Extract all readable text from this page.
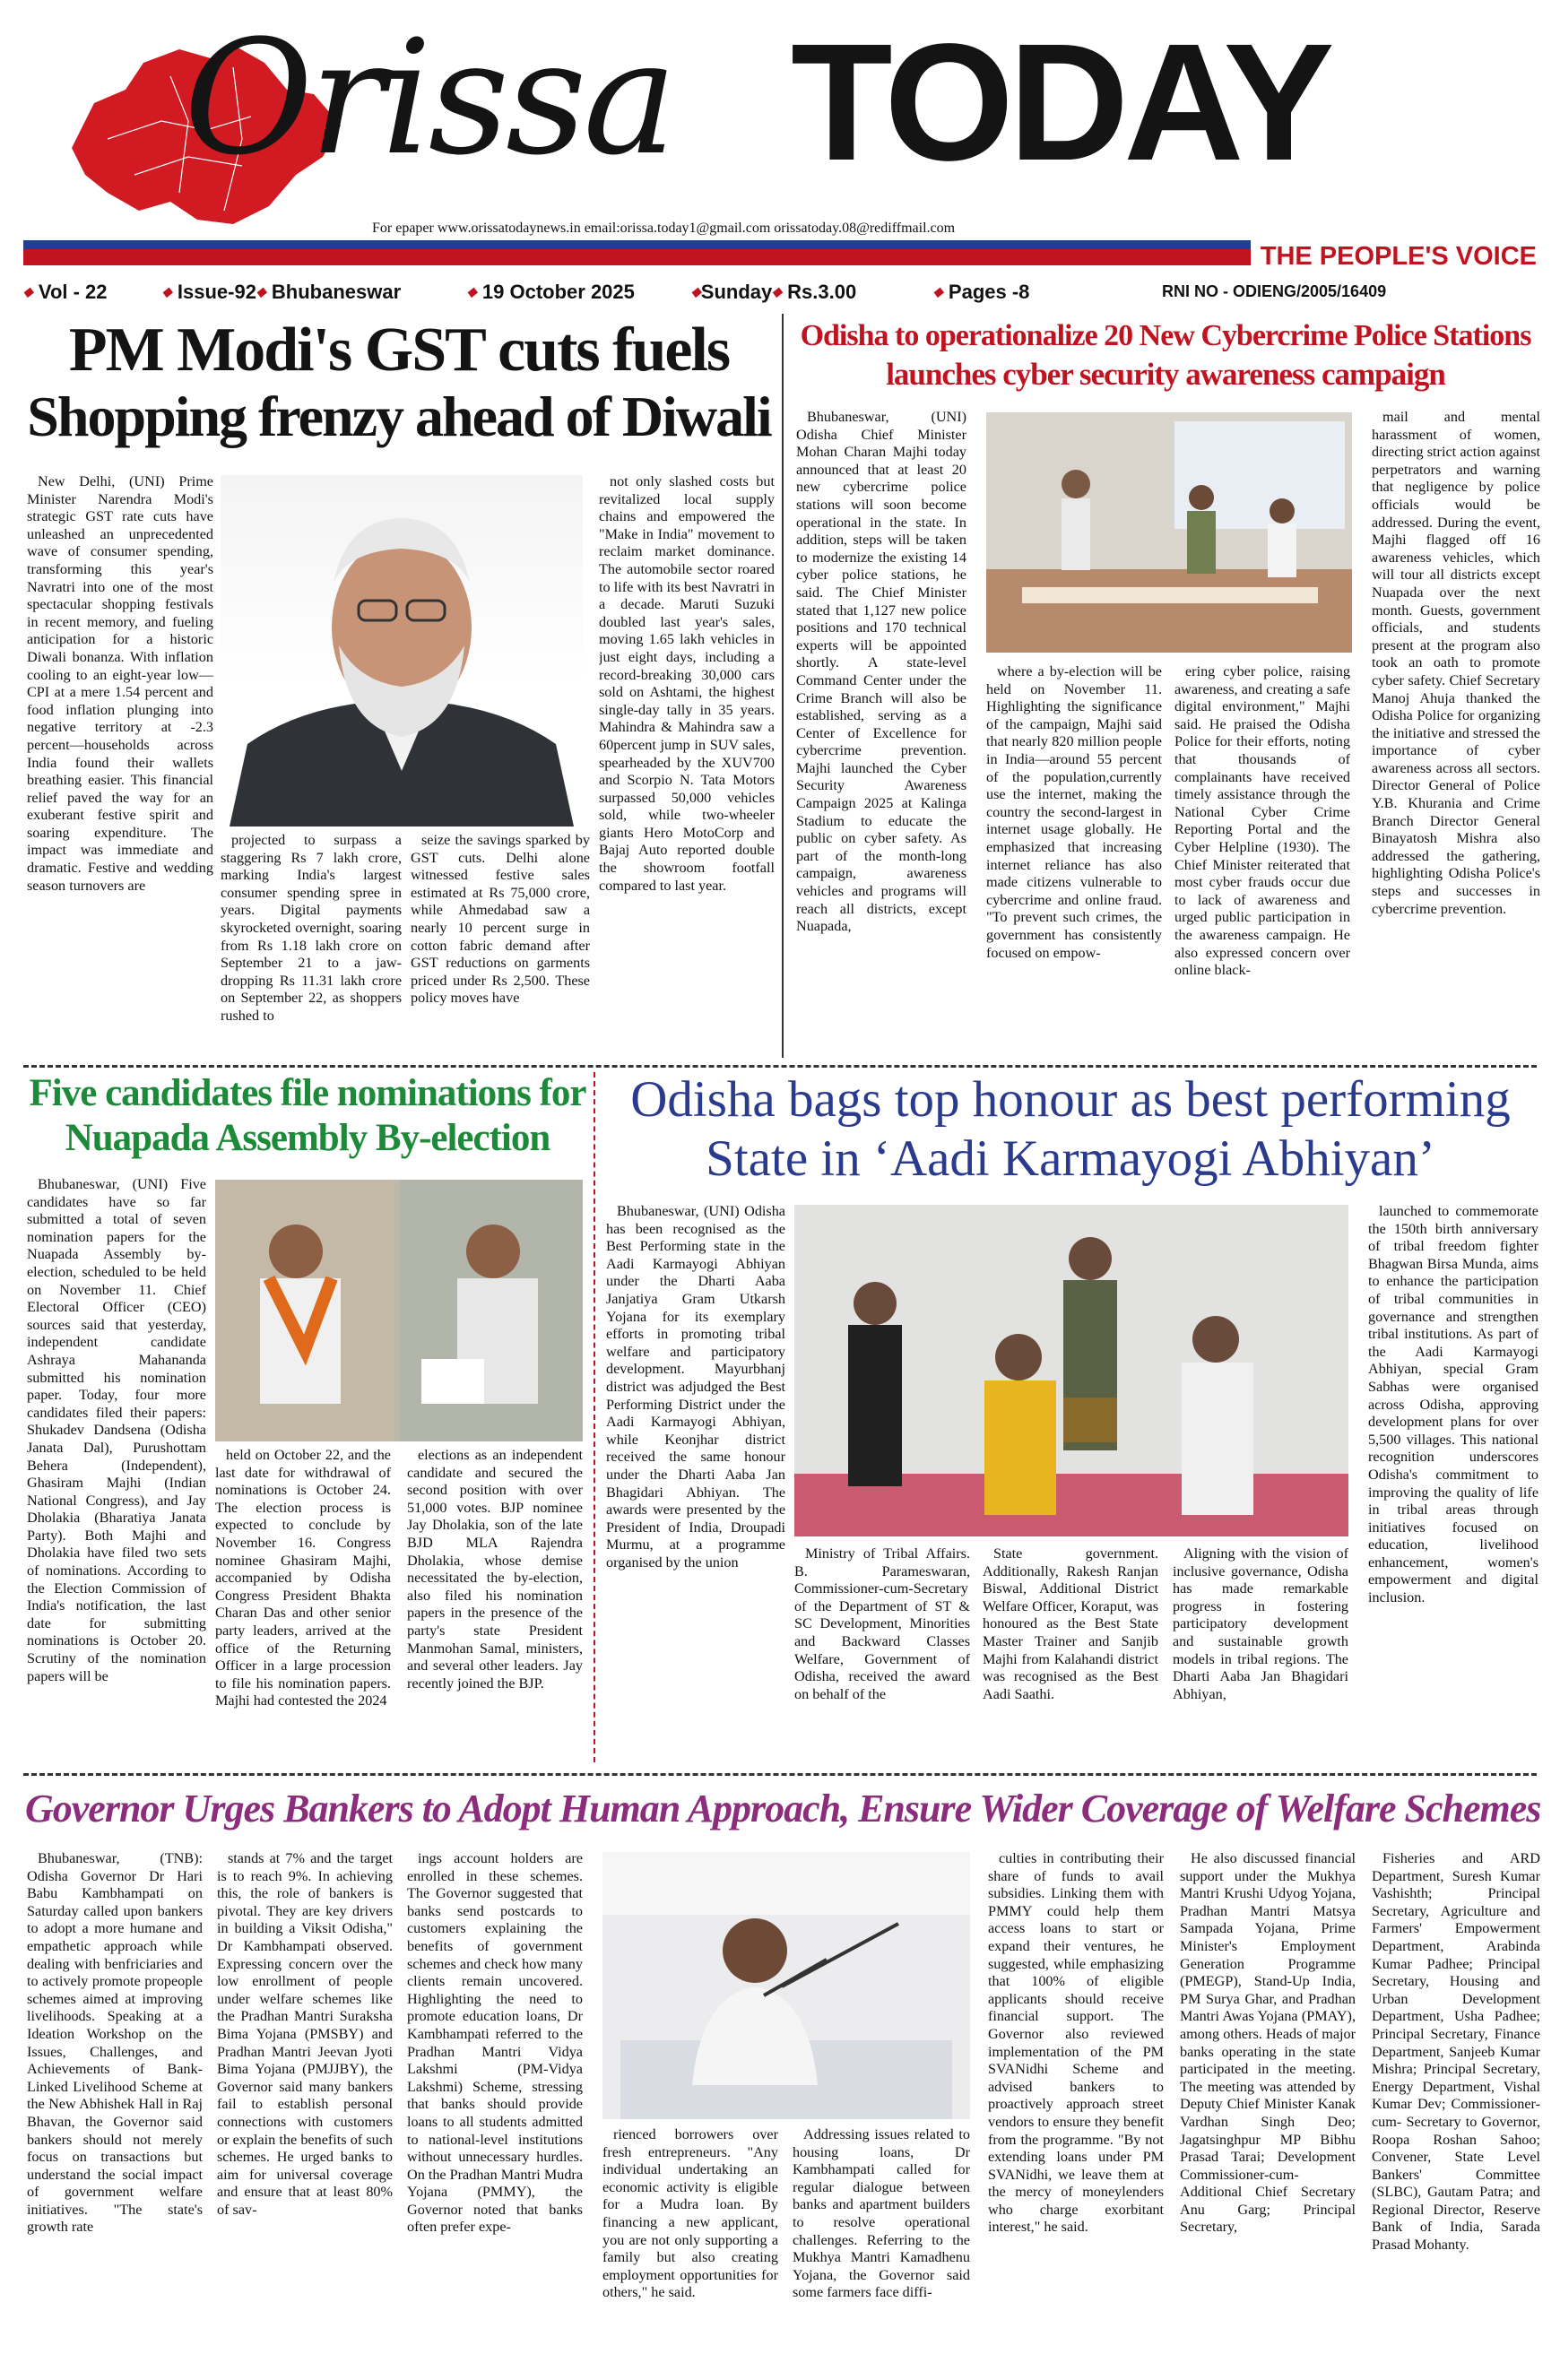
Orissa TODAY
For epaper www.orissatodaynews.in email:orissa.today1@gmail.com orissatoday.08@rediffmail.com
THE PEOPLE'S VOICE
◆ Vol - 22	◆ Issue-92◆ Bhubaneswar	◆ 19 October 2025	◆Sunday◆ Rs.3.00	◆ Pages -8	RNI NO - ODIENG/2005/16409
PM Modi's GST cuts fuels
Shopping frenzy ahead of Diwali

New Delhi, (UNI) Prime Minister Narendra Modi's strategic GST rate cuts have unleashed an unprecedented wave of consumer spending, transforming this year's Navratri into one of the most spectacular shopping festivals in recent memory, and fueling anticipation for a historic Diwali bonanza. With inflation cooling to an eight-year low—CPI at a mere 1.54 percent and food inflation plunging into negative territory at -2.3 percent—households across India found their wallets breathing easier. This financial relief paved the way for an exuberant festive spirit and soaring expenditure. The impact was immediate and dramatic. Festive and wedding season turnovers are

projected to surpass a staggering Rs 7 lakh crore, marking India's largest consumer spending spree in years. Digital payments skyrocketed overnight, soaring from Rs 1.18 lakh crore on September 21 to a jaw-dropping Rs 11.31 lakh crore on September 22, as shoppers rushed to

seize the savings sparked by GST cuts. Delhi alone witnessed festive sales estimated at Rs 75,000 crore, while Ahmedabad saw a nearly 10 percent surge in cotton fabric demand after GST reductions on garments priced under Rs 2,500. These policy moves have

not only slashed costs but revitalized local supply chains and empowered the "Make in India" movement to reclaim market dominance. The automobile sector roared to life with its best Navratri in a decade. Maruti Suzuki doubled last year's sales, moving 1.65 lakh vehicles in just eight days, including a record-breaking 30,000 cars sold on Ashtami, the highest single-day tally in 35 years. Mahindra & Mahindra saw a 60percent jump in SUV sales, spearheaded by the XUV700 and Scorpio N. Tata Motors surpassed 50,000 vehicles sold, while two-wheeler giants Hero MotoCorp and Bajaj Auto reported double the showroom footfall compared to last year.

Odisha to operationalize 20 New Cybercrime Police Stations
launches cyber security awareness campaign

Bhubaneswar, (UNI) Odisha Chief Minister Mohan Charan Majhi today announced that at least 20 new cybercrime police stations will soon become operational in the state. In addition, steps will be taken to modernize the existing 14 cyber police stations, he said. The Chief Minister stated that 1,127 new police positions and 170 technical experts will be appointed shortly. A state-level Command Center under the Crime Branch will also be established, serving as a Center of Excellence for cybercrime prevention. Majhi launched the Cyber Security Awareness Campaign 2025 at Kalinga Stadium to educate the public on cyber safety. As part of the month-long campaign, awareness vehicles and programs will reach all districts, except Nuapada,

where a by-election will be held on November 11. Highlighting the significance of the campaign, Majhi said that nearly 820 million people in India—around 55 percent of the population,currently use the internet, making the country the second-largest in internet usage globally. He emphasized that increasing internet reliance has also made citizens vulnerable to cybercrime and online fraud. "To prevent such crimes, the government has consistently focused on empow-

ering cyber police, raising awareness, and creating a safe digital environment," Majhi said. He praised the Odisha Police for their efforts, noting that thousands of complainants have received timely assistance through the National Cyber Crime Reporting Portal and the Cyber Helpline (1930). The Chief Minister reiterated that most cyber frauds occur due to lack of awareness and urged public participation in the awareness campaign. He also expressed concern over online black-

mail and mental harassment of women, directing strict action against perpetrators and warning that negligence by police officials would be addressed. During the event, Majhi flagged off 16 awareness vehicles, which will tour all districts except Nuapada over the next month. Guests, government officials, and students present at the program also took an oath to promote cyber safety. Chief Secretary Manoj Ahuja thanked the Odisha Police for organizing the initiative and stressed the importance of cyber awareness across all sectors. Director General of Police Y.B. Khurania and Crime Branch Director General Binayatosh Mishra also addressed the gathering, highlighting Odisha Police's steps and successes in cybercrime prevention.

Five candidates file nominations for
Nuapada Assembly By-election

Bhubaneswar, (UNI) Five candidates have so far submitted a total of seven nomination papers for the Nuapada Assembly by-election, scheduled to be held on November 11. Chief Electoral Officer (CEO) sources said that yesterday, independent candidate Ashraya Mahananda submitted his nomination paper. Today, four more candidates filed their papers: Shukadev Dandsena (Odisha Janata Dal), Purushottam Behera (Independent), Ghasiram Majhi (Indian National Congress), and Jay Dholakia (Bharatiya Janata Party). Both Majhi and Dholakia have filed two sets of nominations. According to the Election Commission of India's notification, the last date for submitting nominations is October 20. Scrutiny of the nomination papers will be

held on October 22, and the last date for withdrawal of nominations is October 24. The election process is expected to conclude by November 16. Congress nominee Ghasiram Majhi, accompanied by Odisha Congress President Bhakta Charan Das and other senior party leaders, arrived at the office of the Returning Officer in a large procession to file his nomination papers. Majhi had contested the 2024

elections as an independent candidate and secured the second position with over 51,000 votes. BJP nominee Jay Dholakia, son of the late BJD MLA Rajendra Dholakia, whose demise necessitated the by-election, also filed his nomination papers in the presence of the party's state President Manmohan Samal, ministers, and several other leaders. Jay recently joined the BJP.

Odisha bags top honour as best performing
State in ‘Aadi Karmayogi Abhiyan’

Bhubaneswar, (UNI) Odisha has been recognised as the Best Performing state in the Aadi Karmayogi Abhiyan under the Dharti Aaba Janjatiya Gram Utkarsh Yojana for its exemplary efforts in promoting tribal welfare and participatory development. Mayurbhanj district was adjudged the Best Performing District under the Aadi Karmayogi Abhiyan, while Keonjhar district received the same honour under the Dharti Aaba Jan Bhagidari Abhiyan. The awards were presented by the President of India, Droupadi Murmu, at a programme organised by the union

Ministry of Tribal Affairs. B. Parameswaran, Commissioner-cum-Secretary of the Department of ST & SC Development, Minorities and Backward Classes Welfare, Government of Odisha, received the award on behalf of the

State government. Additionally, Rakesh Ranjan Biswal, Additional District Welfare Officer, Koraput, was honoured as the Best State Master Trainer and Sanjib Majhi from Kalahandi district was recognised as the Best Aadi Saathi.

Aligning with the vision of inclusive governance, Odisha has made remarkable progress in fostering participatory development and sustainable growth models in tribal regions. The Dharti Aaba Jan Bhagidari Abhiyan,

launched to commemorate the 150th birth anniversary of tribal freedom fighter Bhagwan Birsa Munda, aims to enhance the participation of tribal communities in governance and strengthen tribal institutions. As part of the Aadi Karmayogi Abhiyan, special Gram Sabhas were organised across Odisha, approving development plans for over 5,500 villages. This national recognition underscores Odisha's commitment to improving the quality of life in tribal areas through initiatives focused on education, livelihood enhancement, women's empowerment and digital inclusion.

Governor Urges Bankers to Adopt Human Approach, Ensure Wider Coverage of Welfare Schemes

Bhubaneswar, (TNB): Odisha Governor Dr Hari Babu Kambhampati on Saturday called upon bankers to adopt a more humane and empathetic approach while dealing with benfriciaries and to actively promote propeople schemes aimed at improving livelihoods. Speaking at a Ideation Workshop on the Issues, Challenges, and Achievements of Bank-Linked Livelihood Scheme at the New Abhishek Hall in Raj Bhavan, the Governor said bankers should not merely focus on transactions but understand the social impact of government welfare initiatives. "The state's growth rate

stands at 7% and the target is to reach 9%. In achieving this, the role of bankers is pivotal. They are key drivers in building a Viksit Odisha," Dr Kambhampati observed. Expressing concern over the low enrollment of people under welfare schemes like the Pradhan Mantri Suraksha Bima Yojana (PMSBY) and Pradhan Mantri Jeevan Jyoti Bima Yojana (PMJJBY), the Governor said many bankers fail to establish personal connections with customers or explain the benefits of such schemes. He urged banks to aim for universal coverage and ensure that at least 80% of sav-

ings account holders are enrolled in these schemes. The Governor suggested that banks send postcards to customers explaining the benefits of government schemes and check how many clients remain uncovered. Highlighting the need to promote education loans, Dr Kambhampati referred to the Pradhan Mantri Vidya Lakshmi (PM-Vidya Lakshmi) Scheme, stressing that banks should provide loans to all students admitted to national-level institutions without unnecessary hurdles. On the Pradhan Mantri Mudra Yojana (PMMY), the Governor noted that banks often prefer expe-

rienced borrowers over fresh entrepreneurs. "Any individual undertaking an economic activity is eligible for a Mudra loan. By financing a new applicant, you are not only supporting a family but also creating employment opportunities for others," he said.

Addressing issues related to housing loans, Dr Kambhampati called for regular dialogue between banks and apartment builders to resolve operational challenges. Referring to the Mukhya Mantri Kamadhenu Yojana, the Governor said some farmers face diffi-

culties in contributing their share of funds to avail subsidies. Linking them with PMMY could help them access loans to start or expand their ventures, he suggested, while emphasizing that 100% of eligible applicants should receive financial support. The Governor also reviewed implementation of the PM SVANidhi Scheme and advised bankers to proactively approach street vendors to ensure they benefit from the programme. "By not extending loans under PM SVANidhi, we leave them at the mercy of moneylenders who charge exorbitant interest," he said.

He also discussed financial support under the Mukhya Mantri Krushi Udyog Yojana, Pradhan Mantri Matsya Sampada Yojana, Prime Minister's Employment Generation Programme (PMEGP), Stand-Up India, PM Surya Ghar, and Pradhan Mantri Awas Yojana (PMAY), among others. Heads of major banks operating in the state participated in the meeting. The meeting was attended by Deputy Chief Minister Kanak Vardhan Singh Deo; Jagatsinghpur MP Bibhu Prasad Tarai; Development Commissioner-cum-Additional Chief Secretary Anu Garg; Principal Secretary,

Fisheries and ARD Department, Suresh Kumar Vashishth; Principal Secretary, Agriculture and Farmers' Empowerment Department, Arabinda Kumar Padhee; Principal Secretary, Housing and Urban Development Department, Usha Padhee; Principal Secretary, Finance Department, Sanjeeb Kumar Mishra; Principal Secretary, Energy Department, Vishal Kumar Dev; Commissioner-cum- Secretary to Governor, Roopa Roshan Sahoo; Convener, State Level Bankers' Committee (SLBC), Gautam Patra; and Regional Director, Reserve Bank of India, Sarada Prasad Mohanty.
